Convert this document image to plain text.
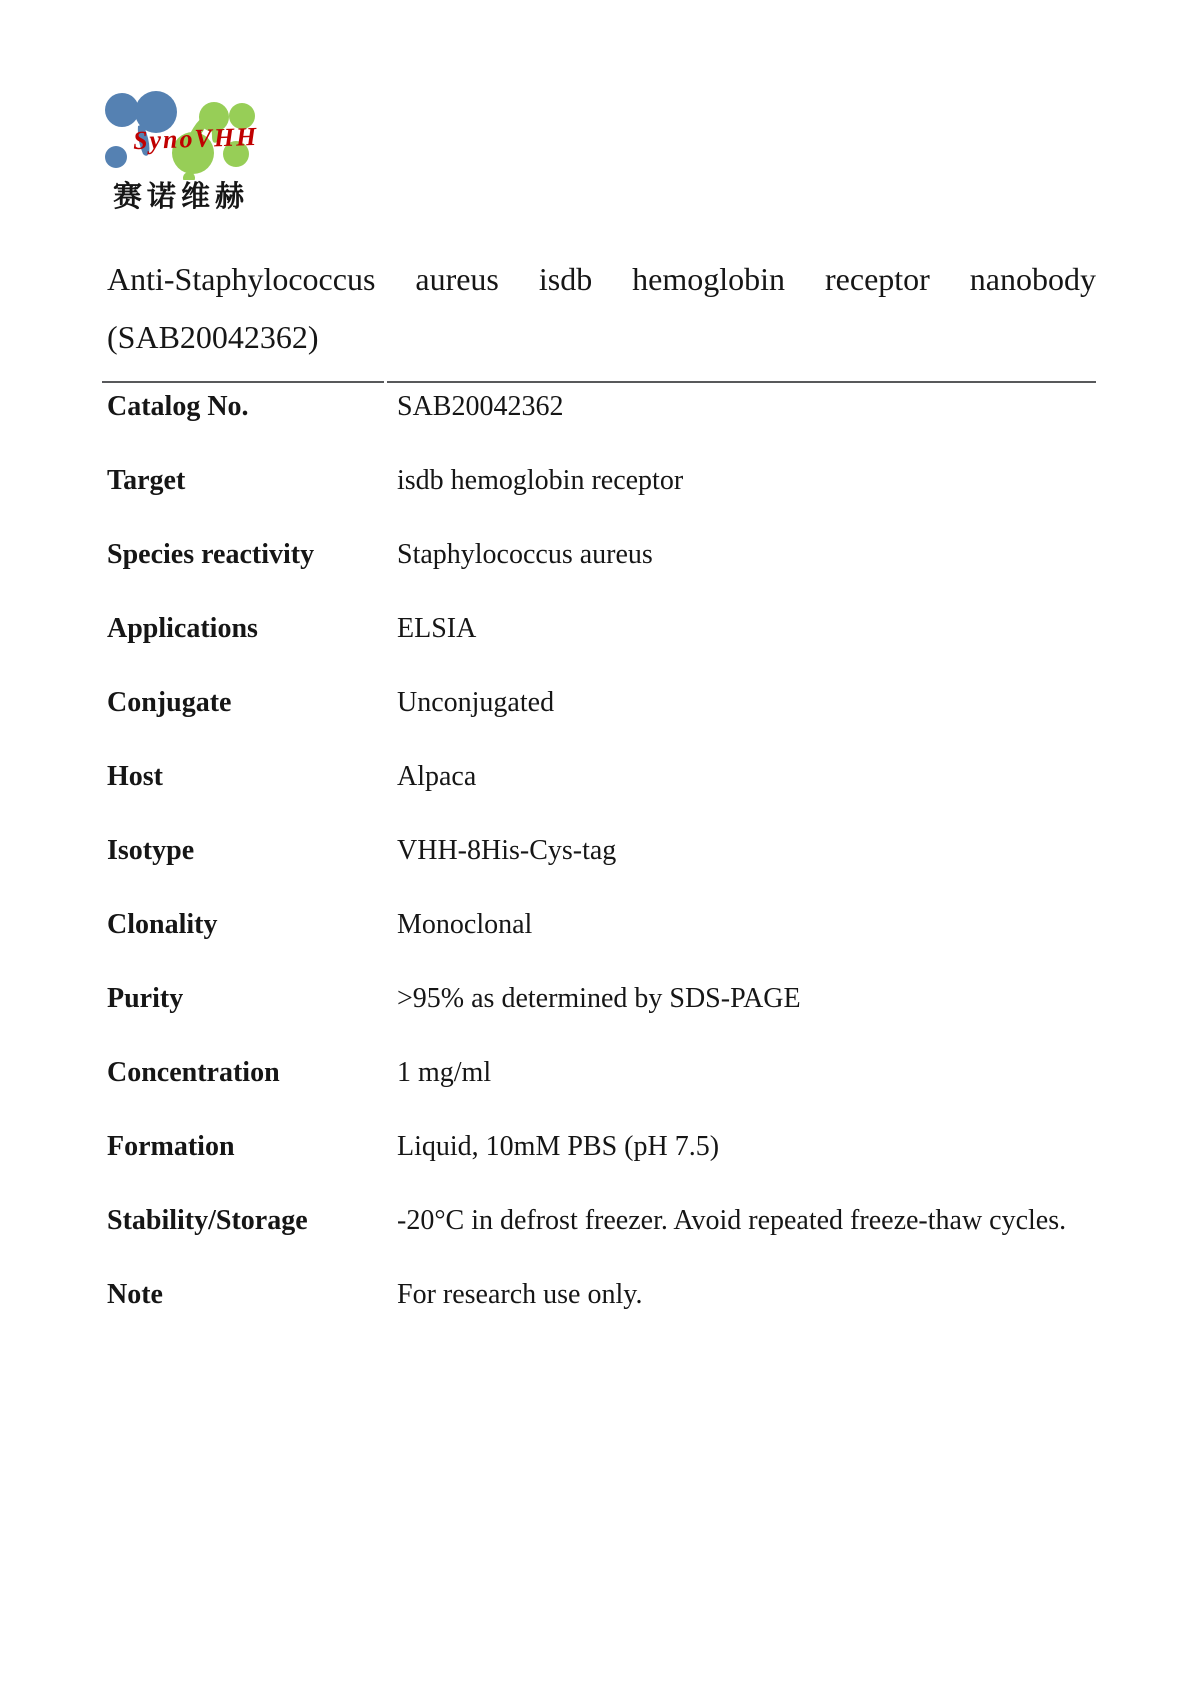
SynoVHH
赛诺维赫
Anti-Staphylococcus aureus isdb hemoglobin receptor nanobody
(SAB20042362)
Catalog No.	SAB20042362
Target	isdb hemoglobin receptor
Species reactivity	Staphylococcus aureus
Applications	ELSIA
Conjugate	Unconjugated
Host	Alpaca
Isotype	VHH-8His-Cys-tag
Clonality	Monoclonal
Purity	>95% as determined by SDS-PAGE
Concentration	1 mg/ml
Formation	Liquid, 10mM PBS (pH 7.5)
Stability/Storage	-20°C in defrost freezer. Avoid repeated freeze-thaw cycles.
Note	For research use only.
